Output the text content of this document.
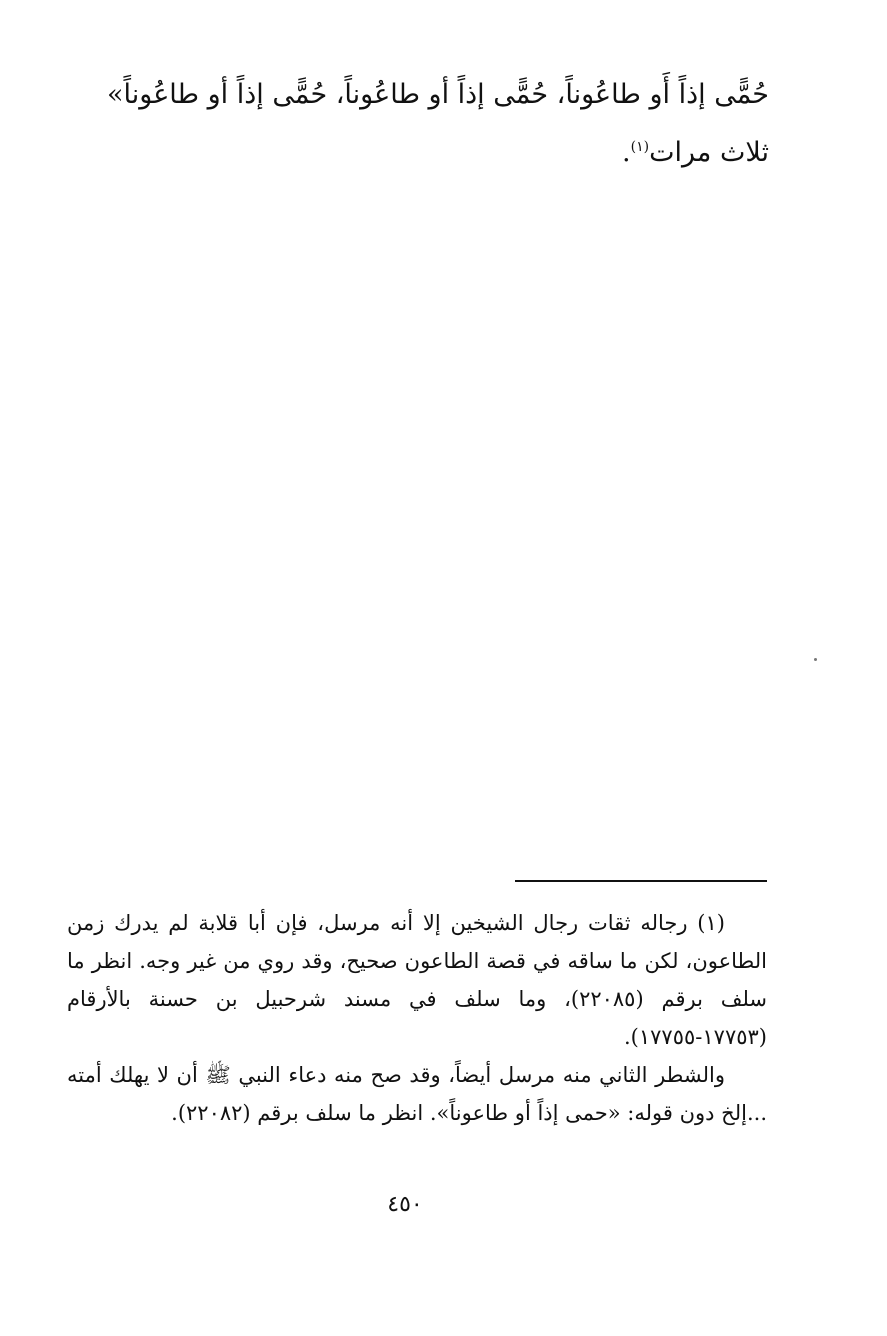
حُمًّى إذاً أَو طاعُوناً، حُمًّى إذاً أو طاعُوناً، حُمًّى إذاً أو طاعُوناً»

ثلاث مرات$^{(١)}$.

(١) رجاله ثقات رجال الشيخين إلا أنه مرسل، فإن أبا قلابة لم يدرك زمن الطاعون، لكن ما ساقه في قصة الطاعون صحيح، وقد روي من غير وجه. انظر ما سلف برقم (٢٢٠٨٥)، وما سلف في مسند شرحبيل بن حسنة بالأرقام (١٧٧٥٣-١٧٧٥٥).

والشطر الثاني منه مرسل أيضاً، وقد صح منه دعاء النبي ﷺ أن لا يهلك أمته ...إلخ دون قوله: «حمى إذاً أو طاعوناً». انظر ما سلف برقم (٢٢٠٨٢).

٤٥٠
